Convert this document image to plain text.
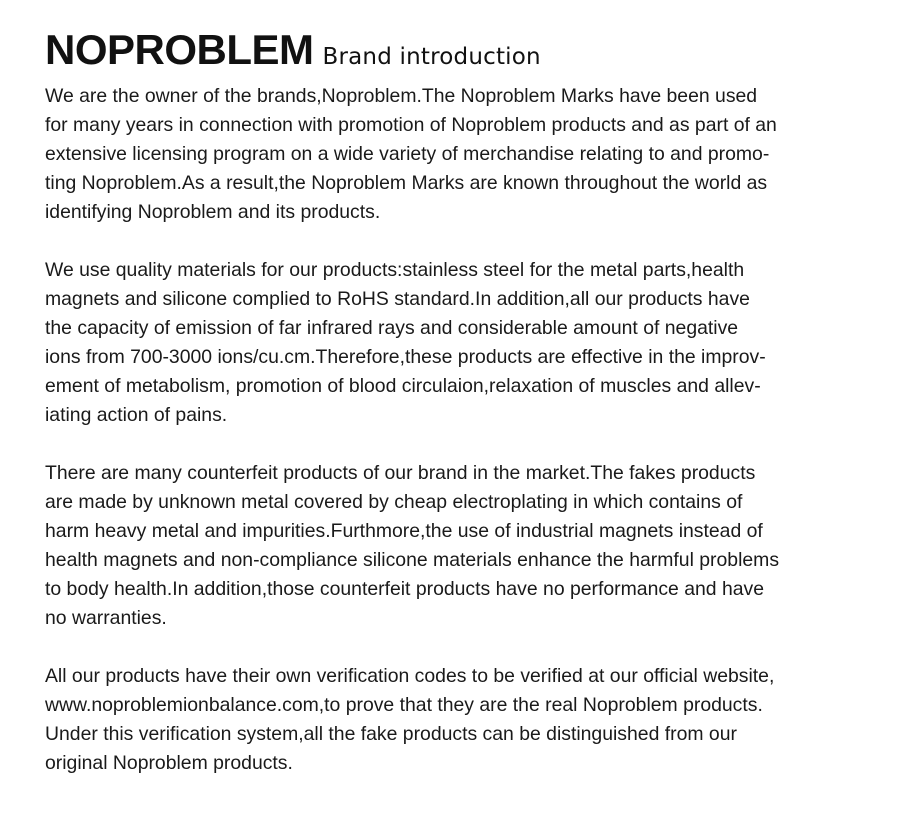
NOPROBLEM Brand introduction
We are the owner of the brands,Noproblem.The Noproblem Marks have been used
for many years in connection with promotion of Noproblem products and as part of an
extensive licensing program on a wide variety of merchandise relating to and promo-
ting Noproblem.As a result,the Noproblem Marks are known throughout the world as
identifying Noproblem and its products.
We use quality materials for our products:stainless steel for the metal parts,health
magnets and silicone complied to RoHS standard.In addition,all our products have
the capacity of emission of far infrared rays and considerable amount of negative
ions from 700-3000 ions/cu.cm.Therefore,these products are effective in the improv-
ement of metabolism, promotion of blood circulaion,relaxation of muscles and allev-
iating action of pains.
There are many counterfeit products of our brand in the market.The fakes products
are made by unknown metal covered by cheap electroplating in which contains of
harm heavy metal and impurities.Furthmore,the use of industrial magnets instead of
health magnets and non-compliance silicone materials enhance the harmful problems
to body health.In addition,those counterfeit products have no performance and have
no warranties.
All our products have their own verification codes to be verified at our official website,
www.noproblemionbalance.com,to prove that they are the real Noproblem products.
Under this verification system,all the fake products can be distinguished from our
original Noproblem products.
